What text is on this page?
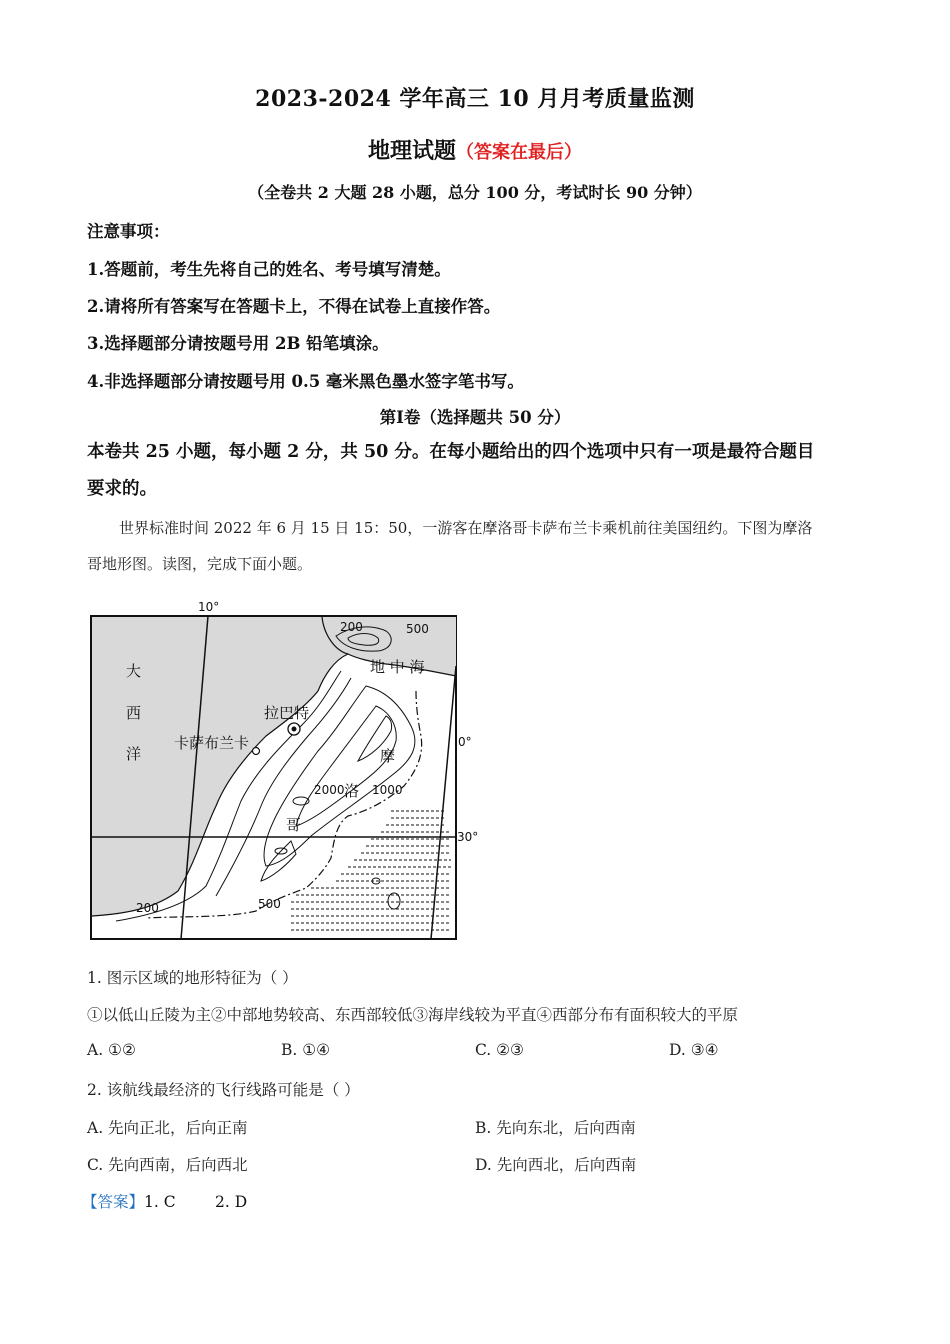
2023-2024 学年高三 10 月月考质量监测
地理试题（答案在最后）
（全卷共 2 大题 28 小题，总分 100 分，考试时长 90 分钟）
注意事项：
1.答题前，考生先将自己的姓名、考号填写清楚。
2.请将所有答案写在答题卡上，不得在试卷上直接作答。
3.选择题部分请按题号用 2B 铅笔填涂。
4.非选择题部分请按题号用 0.5 毫米黑色墨水签字笔书写。
第Ⅰ卷（选择题共 50 分）
本卷共 25 小题，每小题 2 分，共 50 分。在每小题给出的四个选项中只有一项是最符合题目
要求的。
世界标准时间 2022 年 6 月 15 日 15：50，一游客在摩洛哥卡萨布兰卡乘机前往美国纽约。下图为摩洛
哥地形图。读图，完成下面小题。
10°
0°
30°
200	500
1000
2000
500
200
地 中 海
大
西
洋
拉巴特
卡萨布兰卡
摩
洛
哥
1. 图示区域的地形特征为（ ）
①以低山丘陵为主②中部地势较高、东西部较低③海岸线较为平直④西部分布有面积较大的平原
A. ①②	B. ①④	C. ②③	D. ③④
2. 该航线最经济的飞行线路可能是（ ）
A. 先向正北，后向正南	B. 先向东北，后向西南
C. 先向西南，后向西北	D. 先向西北，后向西南
【答案】1. C        2. D
